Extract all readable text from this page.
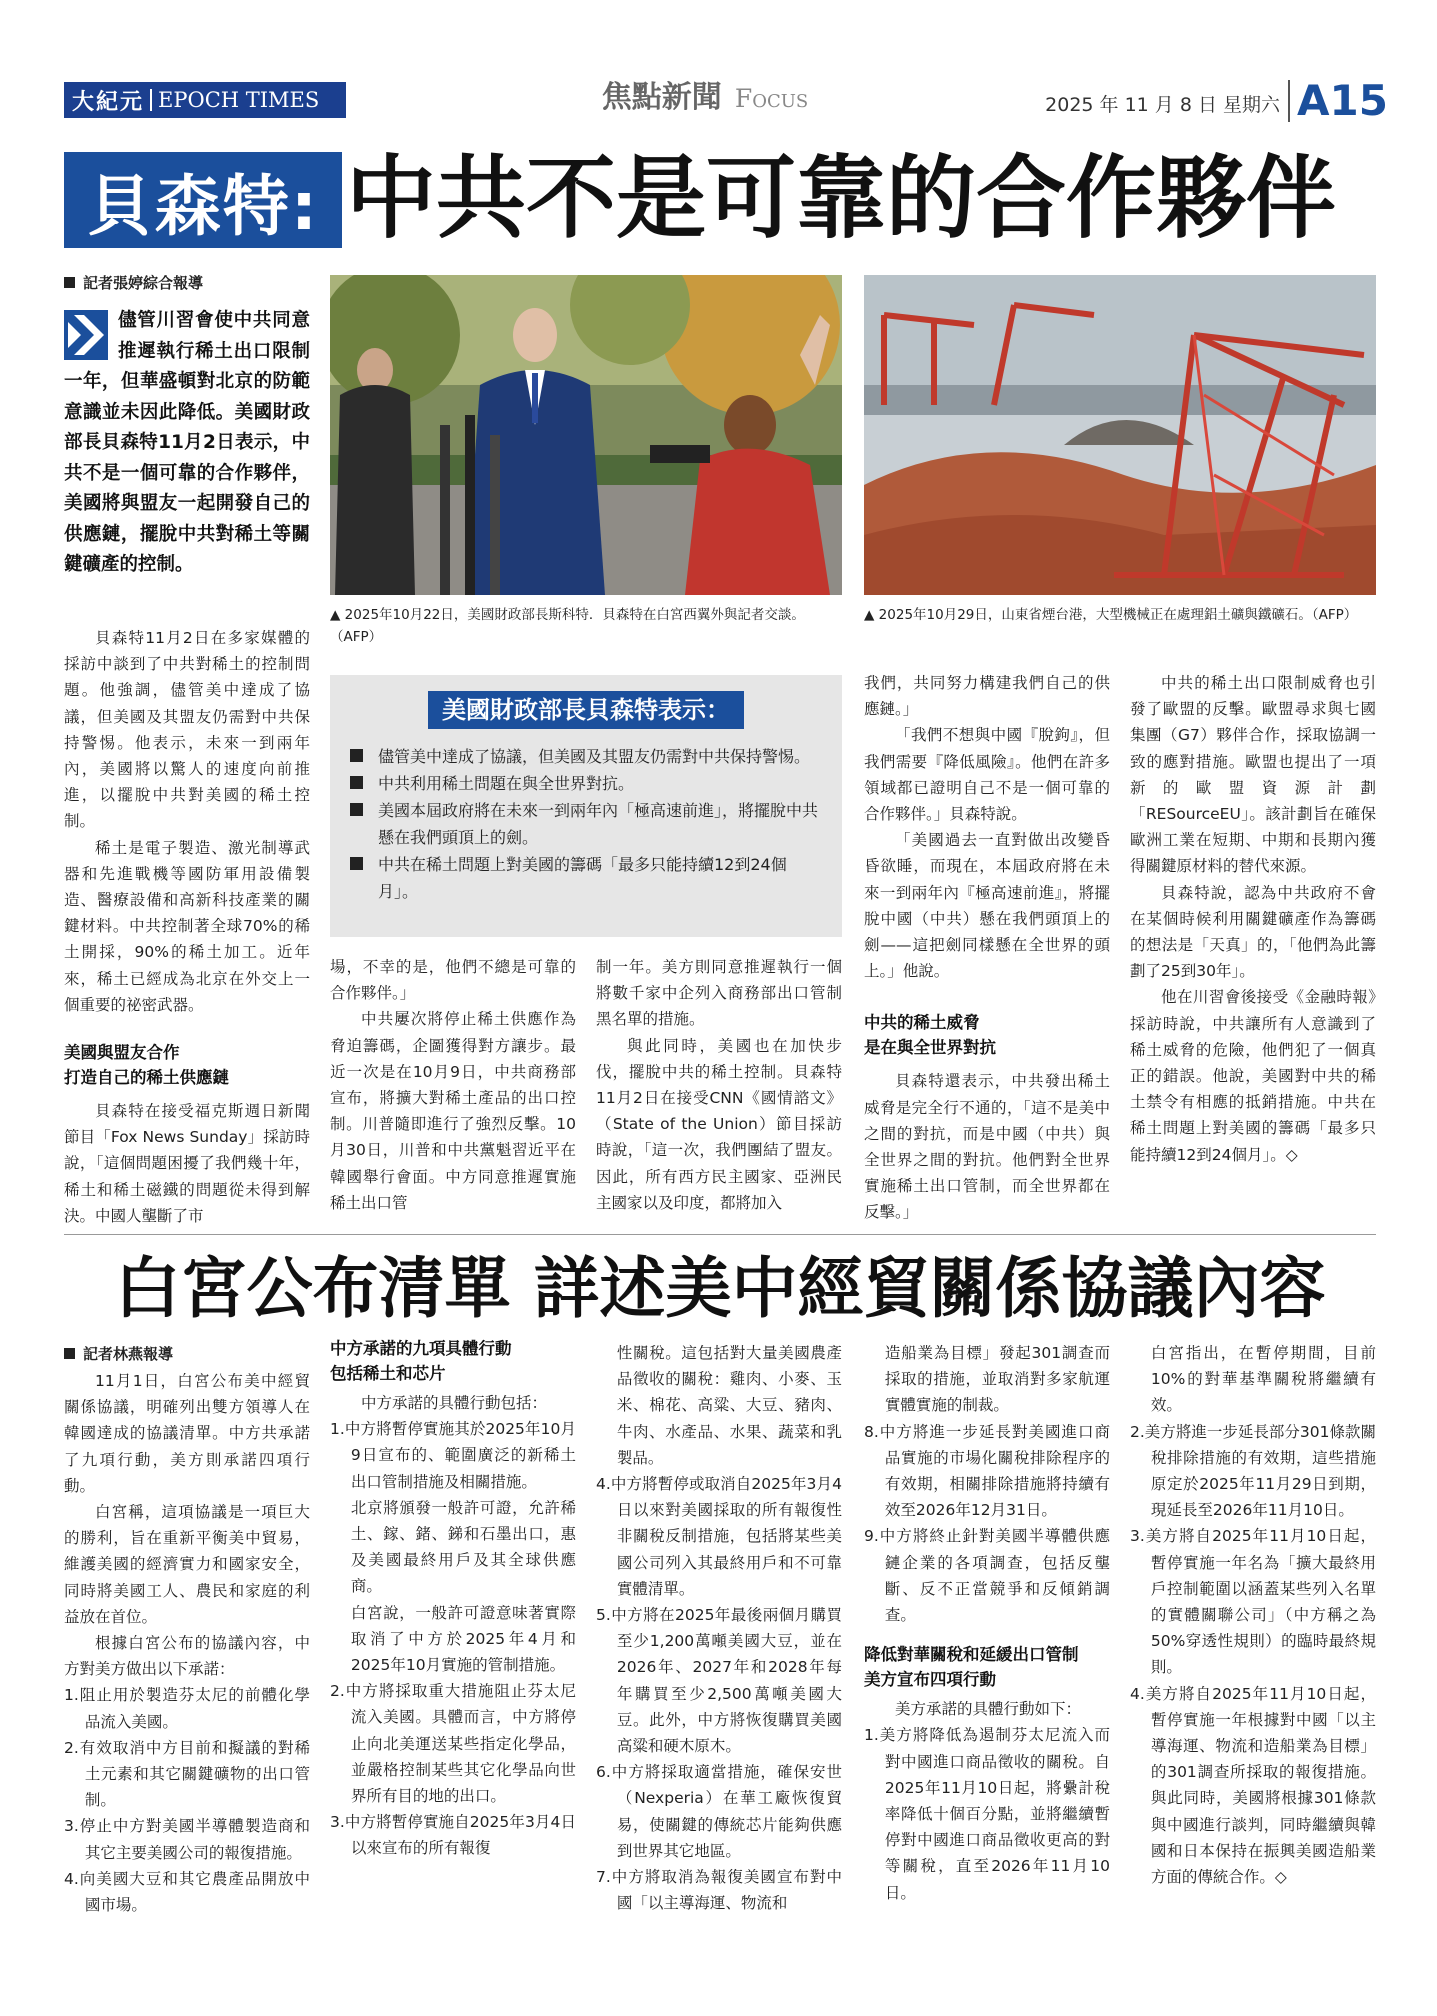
大紀元 EPOCH TIMES	焦點新聞 Focus	2025 年 11 月 8 日 星期六 A15
貝森特: 中共不是可靠的合作夥伴
記者張婷綜合報導
儘管川習會使中共同意推遲執行稀土出口限制一年，但華盛頓對北京的防範意識並未因此降低。美國財政部長貝森特11月2日表示，中共不是一個可靠的合作夥伴，美國將與盟友一起開發自己的供應鏈，擺脫中共對稀土等關鍵礦產的控制。

貝森特11月2日在多家媒體的採訪中談到了中共對稀土的控制問題。他強調，儘管美中達成了協議，但美國及其盟友仍需對中共保持警惕。他表示，未來一到兩年內，美國將以驚人的速度向前推進，以擺脫中共對美國的稀土控制。

稀土是電子製造、激光制導武器和先進戰機等國防軍用設備製造、醫療設備和高新科技產業的關鍵材料。中共控制著全球70%的稀土開採，90%的稀土加工。近年來，稀土已經成為北京在外交上一個重要的祕密武器。

美國與盟友合作
打造自己的稀土供應鏈

貝森特在接受福克斯週日新聞節目「Fox News Sunday」採訪時說，「這個問題困擾了我們幾十年，稀土和稀土磁鐵的問題從未得到解決。中國人壟斷了市

▲ 2025年10月22日，美國財政部長斯科特．貝森特在白宮西翼外與記者交談。（AFP）
▲ 2025年10月29日，山東省煙台港，大型機械正在處理鋁土礦與鐵礦石。（AFP）
美國財政部長貝森特表示：
儘管美中達成了協議，但美國及其盟友仍需對中共保持警惕。
中共利用稀土問題在與全世界對抗。
美國本屆政府將在未來一到兩年內「極高速前進」，將擺脫中共懸在我們頭頂上的劍。
中共在稀土問題上對美國的籌碼「最多只能持續12到24個月」。

場，不幸的是，他們不總是可靠的合作夥伴。」

中共屢次將停止稀土供應作為脅迫籌碼，企圖獲得對方讓步。最近一次是在10月9日，中共商務部宣布，將擴大對稀土產品的出口控制。川普隨即進行了強烈反擊。10月30日，川普和中共黨魁習近平在韓國舉行會面。中方同意推遲實施稀土出口管

制一年。美方則同意推遲執行一個將數千家中企列入商務部出口管制黑名單的措施。

與此同時，美國也在加快步伐，擺脫中共的稀土控制。貝森特11月2日在接受CNN《國情諮文》（State of the Union）節目採訪時說，「這一次，我們團結了盟友。因此，所有西方民主國家、亞洲民主國家以及印度，都將加入

我們，共同努力構建我們自己的供應鏈。」

「我們不想與中國『脫鉤』，但我們需要『降低風險』。他們在許多領域都已證明自己不是一個可靠的合作夥伴。」貝森特說。

「美國過去一直對做出改變昏昏欲睡，而現在，本屆政府將在未來一到兩年內『極高速前進』，將擺脫中國（中共）懸在我們頭頂上的劍——這把劍同樣懸在全世界的頭上。」他說。

中共的稀土威脅
是在與全世界對抗

貝森特還表示，中共發出稀土威脅是完全行不通的，「這不是美中之間的對抗，而是中國（中共）與全世界之間的對抗。他們對全世界實施稀土出口管制，而全世界都在反擊。」

中共的稀土出口限制威脅也引發了歐盟的反擊。歐盟尋求與七國集團（G7）夥伴合作，採取協調一致的應對措施。歐盟也提出了一項新的歐盟資源計劃「RESourceEU」。該計劃旨在確保歐洲工業在短期、中期和長期內獲得關鍵原材料的替代來源。

貝森特說，認為中共政府不會在某個時候利用關鍵礦產作為籌碼的想法是「天真」的，「他們為此籌劃了25到30年」。

他在川習會後接受《金融時報》採訪時說，中共讓所有人意識到了稀土威脅的危險，他們犯了一個真正的錯誤。他說，美國對中共的稀土禁令有相應的抵銷措施。中共在稀土問題上對美國的籌碼「最多只能持續12到24個月」。◇

白宮公布清單 詳述美中經貿關係協議內容
記者林燕報導

11月1日，白宮公布美中經貿關係協議，明確列出雙方領導人在韓國達成的協議清單。中方共承諾了九項行動，美方則承諾四項行動。

白宮稱，這項協議是一項巨大的勝利，旨在重新平衡美中貿易，維護美國的經濟實力和國家安全，同時將美國工人、農民和家庭的利益放在首位。

根據白宮公布的協議內容，中方對美方做出以下承諾：

1.阻止用於製造芬太尼的前體化學品流入美國。
2.有效取消中方目前和擬議的對稀土元素和其它關鍵礦物的出口管制。
3.停止中方對美國半導體製造商和其它主要美國公司的報復措施。
4.向美國大豆和其它農產品開放中國市場。
中方承諾的九項具體行動
包括稀土和芯片

中方承諾的具體行動包括：

1.中方將暫停實施其於2025年10月9日宣布的、範圍廣泛的新稀土出口管制措施及相關措施。
北京將頒發一般許可證，允許稀土、鎵、鍺、銻和石墨出口，惠及美國最終用戶及其全球供應商。
白宮說，一般許可證意味著實際取消了中方於2025年4月和2025年10月實施的管制措施。
2.中方將採取重大措施阻止芬太尼流入美國。具體而言，中方將停止向北美運送某些指定化學品，並嚴格控制某些其它化學品向世界所有目的地的出口。
3.中方將暫停實施自2025年3月4日以來宣布的所有報復
性關稅。這包括對大量美國農產品徵收的關稅：雞肉、小麥、玉米、棉花、高粱、大豆、豬肉、牛肉、水產品、水果、蔬菜和乳製品。
4.中方將暫停或取消自2025年3月4日以來對美國採取的所有報復性非關稅反制措施，包括將某些美國公司列入其最終用戶和不可靠實體清單。
5.中方將在2025年最後兩個月購買至少1,200萬噸美國大豆，並在2026年、2027年和2028年每年購買至少2,500萬噸美國大豆。此外，中方將恢復購買美國高粱和硬木原木。
6.中方將採取適當措施，確保安世（Nexperia）在華工廠恢復貿易，使關鍵的傳統芯片能夠供應到世界其它地區。
7.中方將取消為報復美國宣布對中國「以主導海運、物流和
造船業為目標」發起301調查而採取的措施，並取消對多家航運實體實施的制裁。
8.中方將進一步延長對美國進口商品實施的市場化關稅排除程序的有效期，相關排除措施將持續有效至2026年12月31日。
9.中方將終止針對美國半導體供應鏈企業的各項調查，包括反壟斷、反不正當競爭和反傾銷調查。
降低對華關稅和延緩出口管制
美方宣布四項行動

美方承諾的具體行動如下：

1.美方將降低為遏制芬太尼流入而對中國進口商品徵收的關稅。自2025年11月10日起，將纍計稅率降低十個百分點，並將繼續暫停對中國進口商品徵收更高的對等關稅，直至2026年11月10日。
白宮指出，在暫停期間，目前10%的對華基準關稅將繼續有效。
2.美方將進一步延長部分301條款關稅排除措施的有效期，這些措施原定於2025年11月29日到期，現延長至2026年11月10日。
3.美方將自2025年11月10日起，暫停實施一年名為「擴大最終用戶控制範圍以涵蓋某些列入名單的實體關聯公司」（中方稱之為50%穿透性規則）的臨時最終規則。
4.美方將自2025年11月10日起，暫停實施一年根據對中國「以主導海運、物流和造船業為目標」的301調查所採取的報復措施。與此同時，美國將根據301條款與中國進行談判，同時繼續與韓國和日本保持在振興美國造船業方面的傳統合作。◇
